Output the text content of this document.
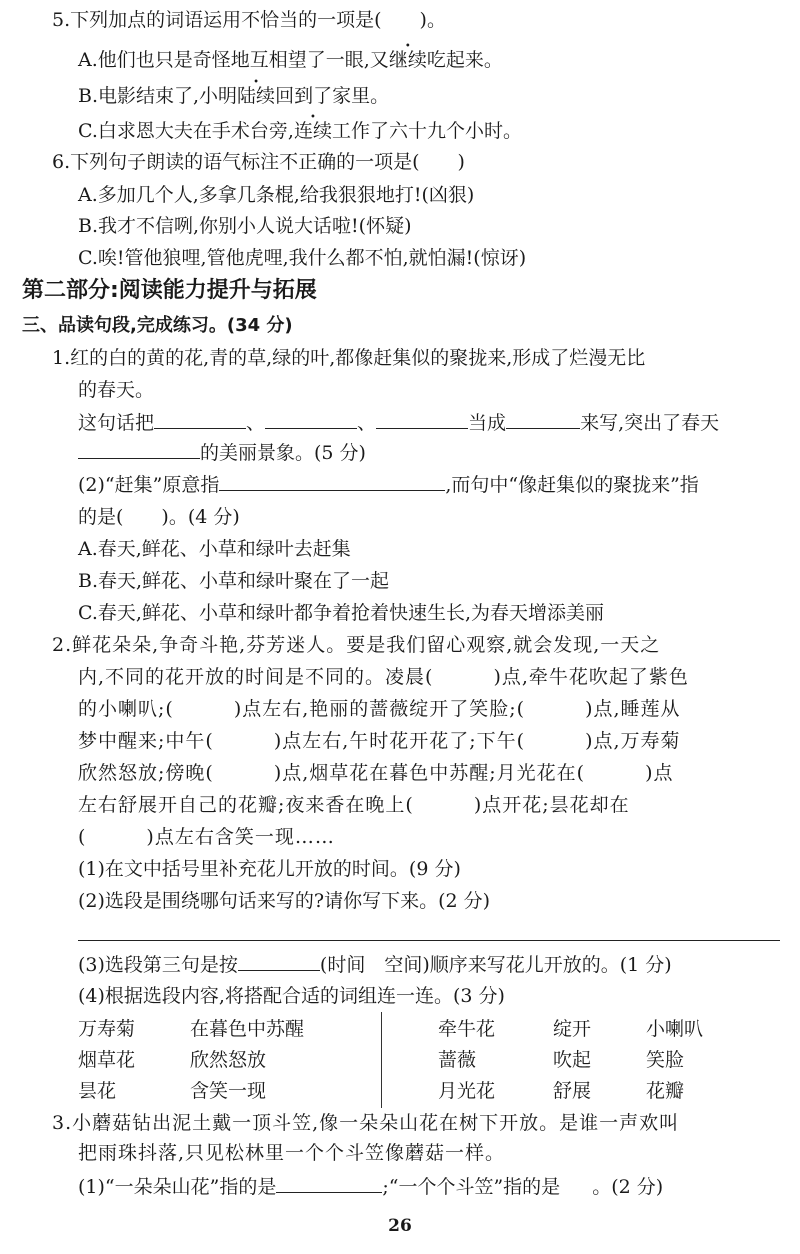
5.下列加点的词语运用不恰当的一项是(　　)。
A.他们也只是奇怪地互相望了一眼,又继续吃起来。
B.电影结束了,小明陆续回到了家里。
C.白求恩大夫在手术台旁,连续工作了六十九个小时。
6.下列句子朗读的语气标注不正确的一项是(　　)
A.多加几个人,多拿几条棍,给我狠狠地打!(凶狠)
B.我才不信咧,你别小人说大话啦!(怀疑)
C.唉!管他狼哩,管他虎哩,我什么都不怕,就怕漏!(惊讶)
第二部分:阅读能力提升与拓展
三、品读句段,完成练习。(34 分)
1.红的白的黄的花,青的草,绿的叶,都像赶集似的聚拢来,形成了烂漫无比
的春天。
这句话把	、	、	当成	来写,突出了春天
的美丽景象。(5 分)
(2)“赶集”原意指	,而句中“像赶集似的聚拢来”指
的是(　　)。(4 分)
A.春天,鲜花、小草和绿叶去赶集
B.春天,鲜花、小草和绿叶聚在了一起
C.春天,鲜花、小草和绿叶都争着抢着快速生长,为春天增添美丽
2.鲜花朵朵,争奇斗艳,芬芳迷人。要是我们留心观察,就会发现,一天之
内,不同的花开放的时间是不同的。凌晨(　　　)点,牵牛花吹起了紫色
的小喇叭;(　　　)点左右,艳丽的蔷薇绽开了笑脸;(　　　)点,睡莲从
梦中醒来;中午(　　　)点左右,午时花开花了;下午(　　　)点,万寿菊
欣然怒放;傍晚(　　　)点,烟草花在暮色中苏醒;月光花在(　　　)点
左右舒展开自己的花瓣;夜来香在晚上(　　　)点开花;昙花却在
(　　　)点左右含笑一现……
(1)在文中括号里补充花儿开放的时间。(9 分)
(2)选段是围绕哪句话来写的?请你写下来。(2 分)
(3)选段第三句是按	(时间　空间)顺序来写花儿开放的。(1 分)
(4)根据选段内容,将搭配合适的词组连一连。(3 分)
万寿菊	在暮色中苏醒
烟草花	欣然怒放
昙花	含笑一现
牵牛花	绽开	小喇叭
蔷薇	吹起	笑脸
月光花	舒展	花瓣
3.小蘑菇钻出泥土戴一顶斗笠,像一朵朵山花在树下开放。是谁一声欢叫
把雨珠抖落,只见松林里一个个斗笠像蘑菇一样。
(1)“一朵朵山花”指的是	;“一个个斗笠”指的是 。(2 分)
26
